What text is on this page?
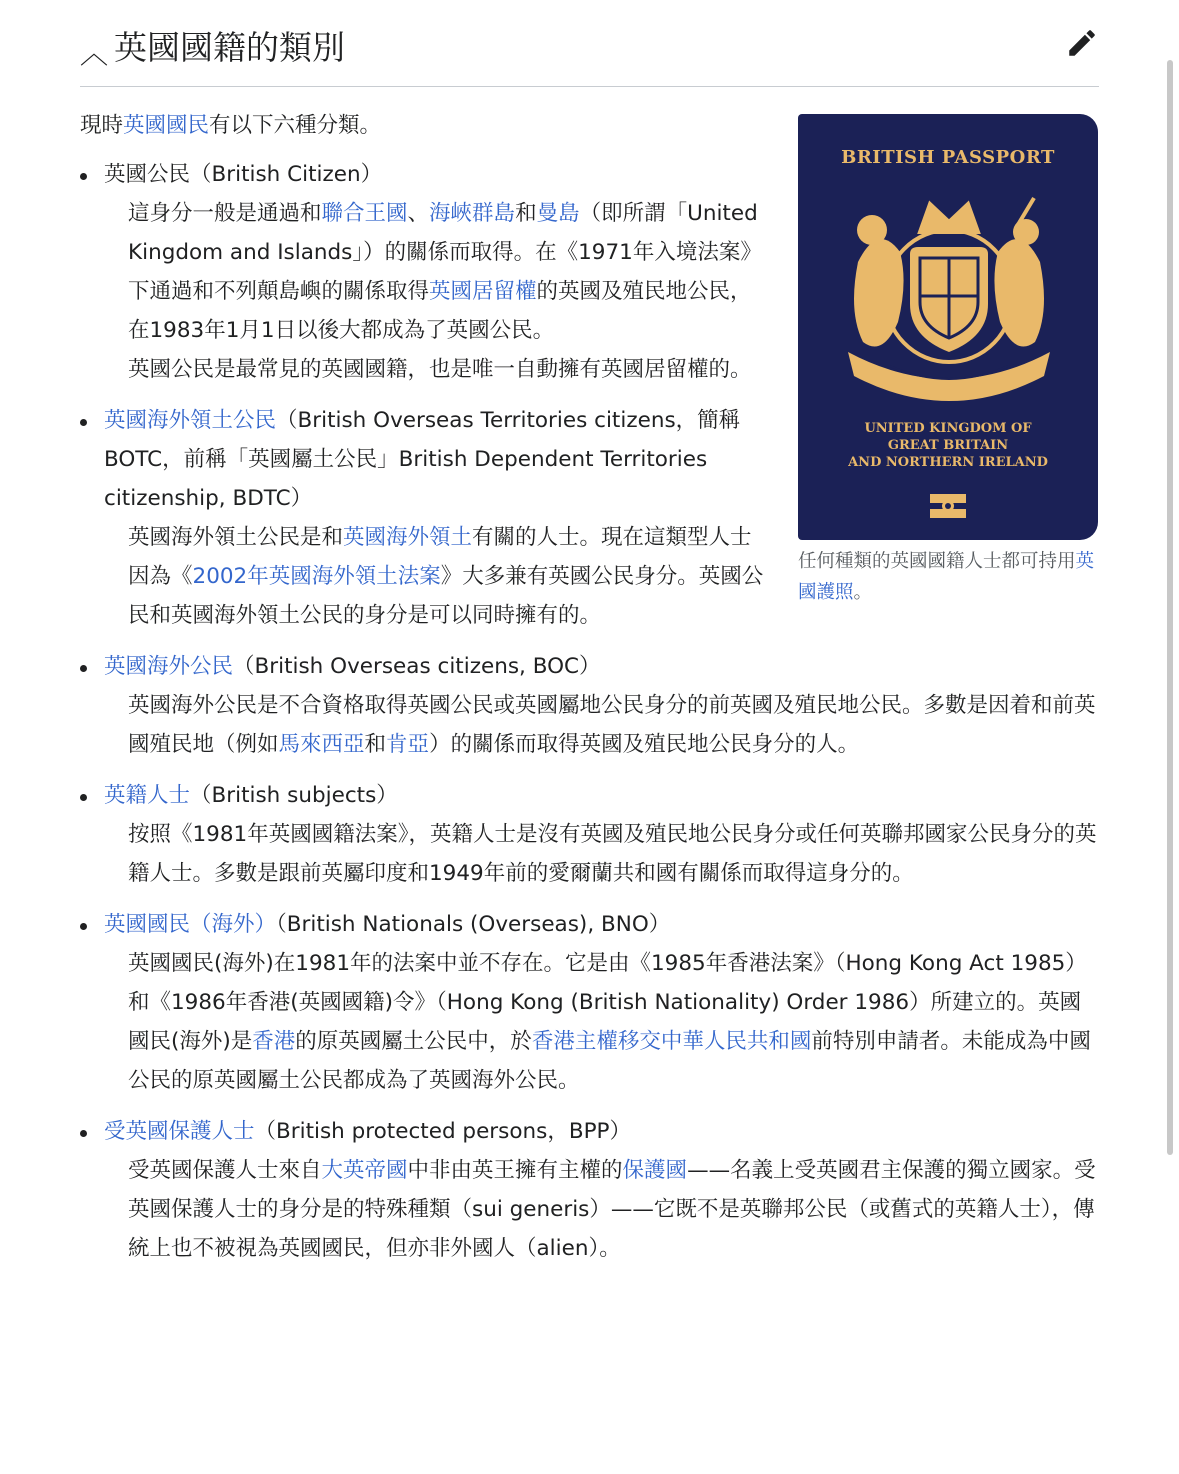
︿ 英國國籍的類別
BRITISH PASSPORT
UNITED KINGDOM OF
GREAT BRITAIN
AND NORTHERN IRELAND
任何種類的英國國籍人士都可持用英國護照。

現時英國國民有以下六種分類。

英國公民（British Citizen）

這身分一般是通過和聯合王國、海峽群島和曼島（即所謂「United Kingdom and Islands」）的關係而取得。在《1971年入境法案》下通過和不列顛島嶼的關係取得英國居留權的英國及殖民地公民，在1983年1月1日以後大都成為了英國公民。

英國公民是最常見的英國國籍，也是唯一自動擁有英國居留權的。

英國海外領土公民（British Overseas Territories citizens，簡稱BOTC，前稱「英國屬土公民」British Dependent Territories citizenship, BDTC）

英國海外領土公民是和英國海外領土有關的人士。現在這類型人士因為《2002年英國海外領土法案》大多兼有英國公民身分。英國公民和英國海外領土公民的身分是可以同時擁有的。

英國海外公民（British Overseas citizens, BOC）

英國海外公民是不合資格取得英國公民或英國屬地公民身分的前英國及殖民地公民。多數是因着和前英國殖民地（例如馬來西亞和肯亞）的關係而取得英國及殖民地公民身分的人。

英籍人士（British subjects）

按照《1981年英國國籍法案》，英籍人士是沒有英國及殖民地公民身分或任何英聯邦國家公民身分的英籍人士。多數是跟前英屬印度和1949年前的愛爾蘭共和國有關係而取得這身分的。

英國國民（海外）（British Nationals (Overseas), BNO）

英國國民(海外)在1981年的法案中並不存在。它是由《1985年香港法案》（Hong Kong Act 1985）和《1986年香港(英國國籍)令》（Hong Kong (British Nationality) Order 1986）所建立的。英國國民(海外)是香港的原英國屬土公民中，於香港主權移交中華人民共和國前特別申請者。未能成為中國公民的原英國屬土公民都成為了英國海外公民。

受英國保護人士（British protected persons，BPP）

受英國保護人士來自大英帝國中非由英王擁有主權的保護國——名義上受英國君主保護的獨立國家。受英國保護人士的身分是的特殊種類（sui generis）——它既不是英聯邦公民（或舊式的英籍人士），傳統上也不被視為英國國民，但亦非外國人（alien）。
